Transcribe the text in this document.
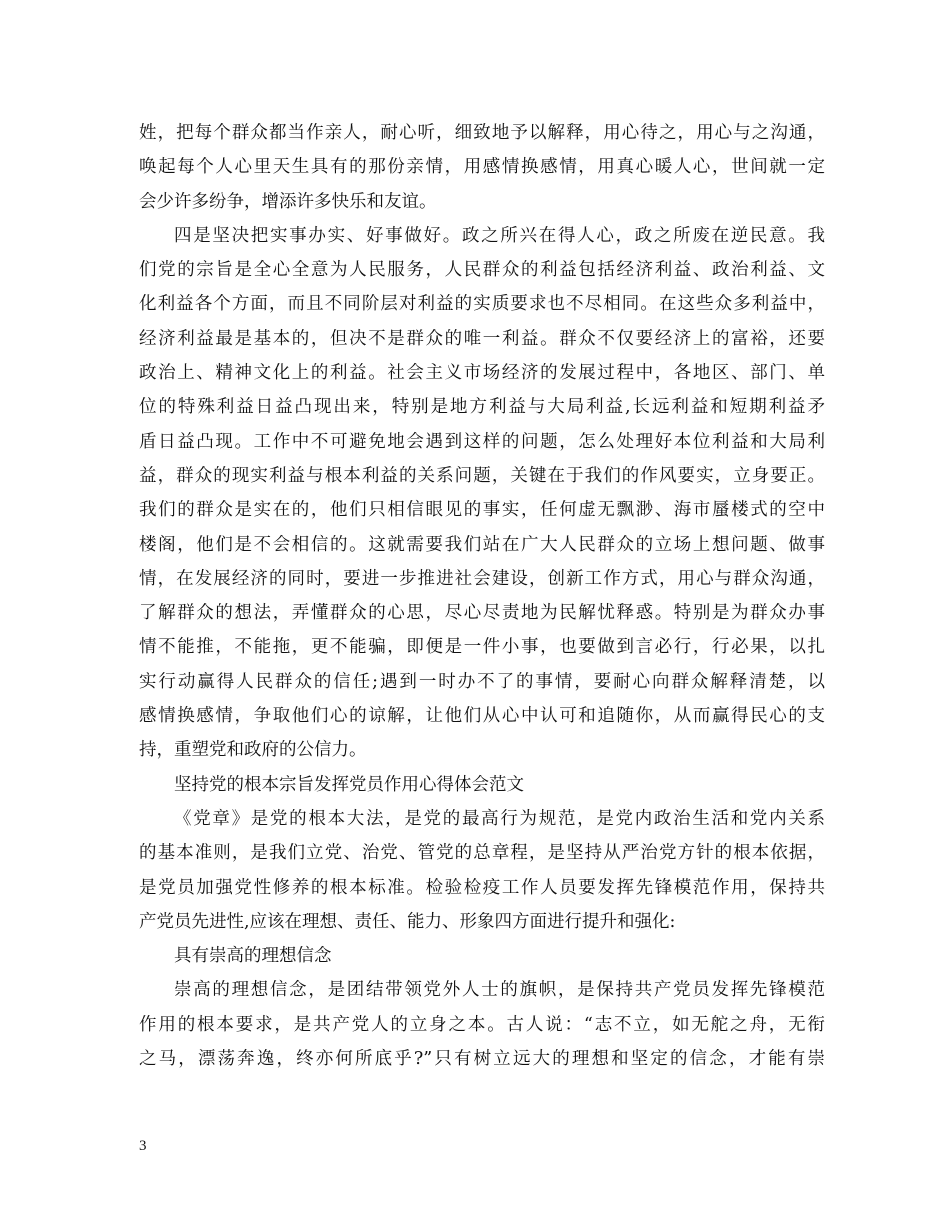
姓，把每个群众都当作亲人，耐心听，细致地予以解释，用心待之，用心与之沟通，
唤起每个人心里天生具有的那份亲情，用感情换感情，用真心暖人心，世间就一定
会少许多纷争，增添许多快乐和友谊。
四是坚决把实事办实、好事做好。政之所兴在得人心，政之所废在逆民意。我
们党的宗旨是全心全意为人民服务，人民群众的利益包括经济利益、政治利益、文
化利益各个方面，而且不同阶层对利益的实质要求也不尽相同。在这些众多利益中，
经济利益最是基本的，但决不是群众的唯一利益。群众不仅要经济上的富裕，还要
政治上、精神文化上的利益。社会主义市场经济的发展过程中，各地区、部门、单
位的特殊利益日益凸现出来，特别是地方利益与大局利益,长远利益和短期利益矛
盾日益凸现。工作中不可避免地会遇到这样的问题，怎么处理好本位利益和大局利
益，群众的现实利益与根本利益的关系问题，关键在于我们的作风要实，立身要正。
我们的群众是实在的，他们只相信眼见的事实，任何虚无飘渺、海市蜃楼式的空中
楼阁，他们是不会相信的。这就需要我们站在广大人民群众的立场上想问题、做事
情，在发展经济的同时，要进一步推进社会建设，创新工作方式，用心与群众沟通，
了解群众的想法，弄懂群众的心思，尽心尽责地为民解忧释惑。特别是为群众办事
情不能推，不能拖，更不能骗，即便是一件小事，也要做到言必行，行必果，以扎
实行动赢得人民群众的信任;遇到一时办不了的事情，要耐心向群众解释清楚，以
感情换感情，争取他们心的谅解，让他们从心中认可和追随你，从而赢得民心的支
持，重塑党和政府的公信力。
坚持党的根本宗旨发挥党员作用心得体会范文
《党章》是党的根本大法，是党的最高行为规范，是党内政治生活和党内关系
的基本准则，是我们立党、治党、管党的总章程，是坚持从严治党方针的根本依据，
是党员加强党性修养的根本标准。检验检疫工作人员要发挥先锋模范作用，保持共
产党员先进性,应该在理想、责任、能力、形象四方面进行提升和强化:
具有崇高的理想信念
崇高的理想信念，是团结带领党外人士的旗帜，是保持共产党员发挥先锋模范
作用的根本要求，是共产党人的立身之本。古人说：“志不立，如无舵之舟，无衔
之马，漂荡奔逸，终亦何所底乎?”只有树立远大的理想和坚定的信念，才能有崇
3
